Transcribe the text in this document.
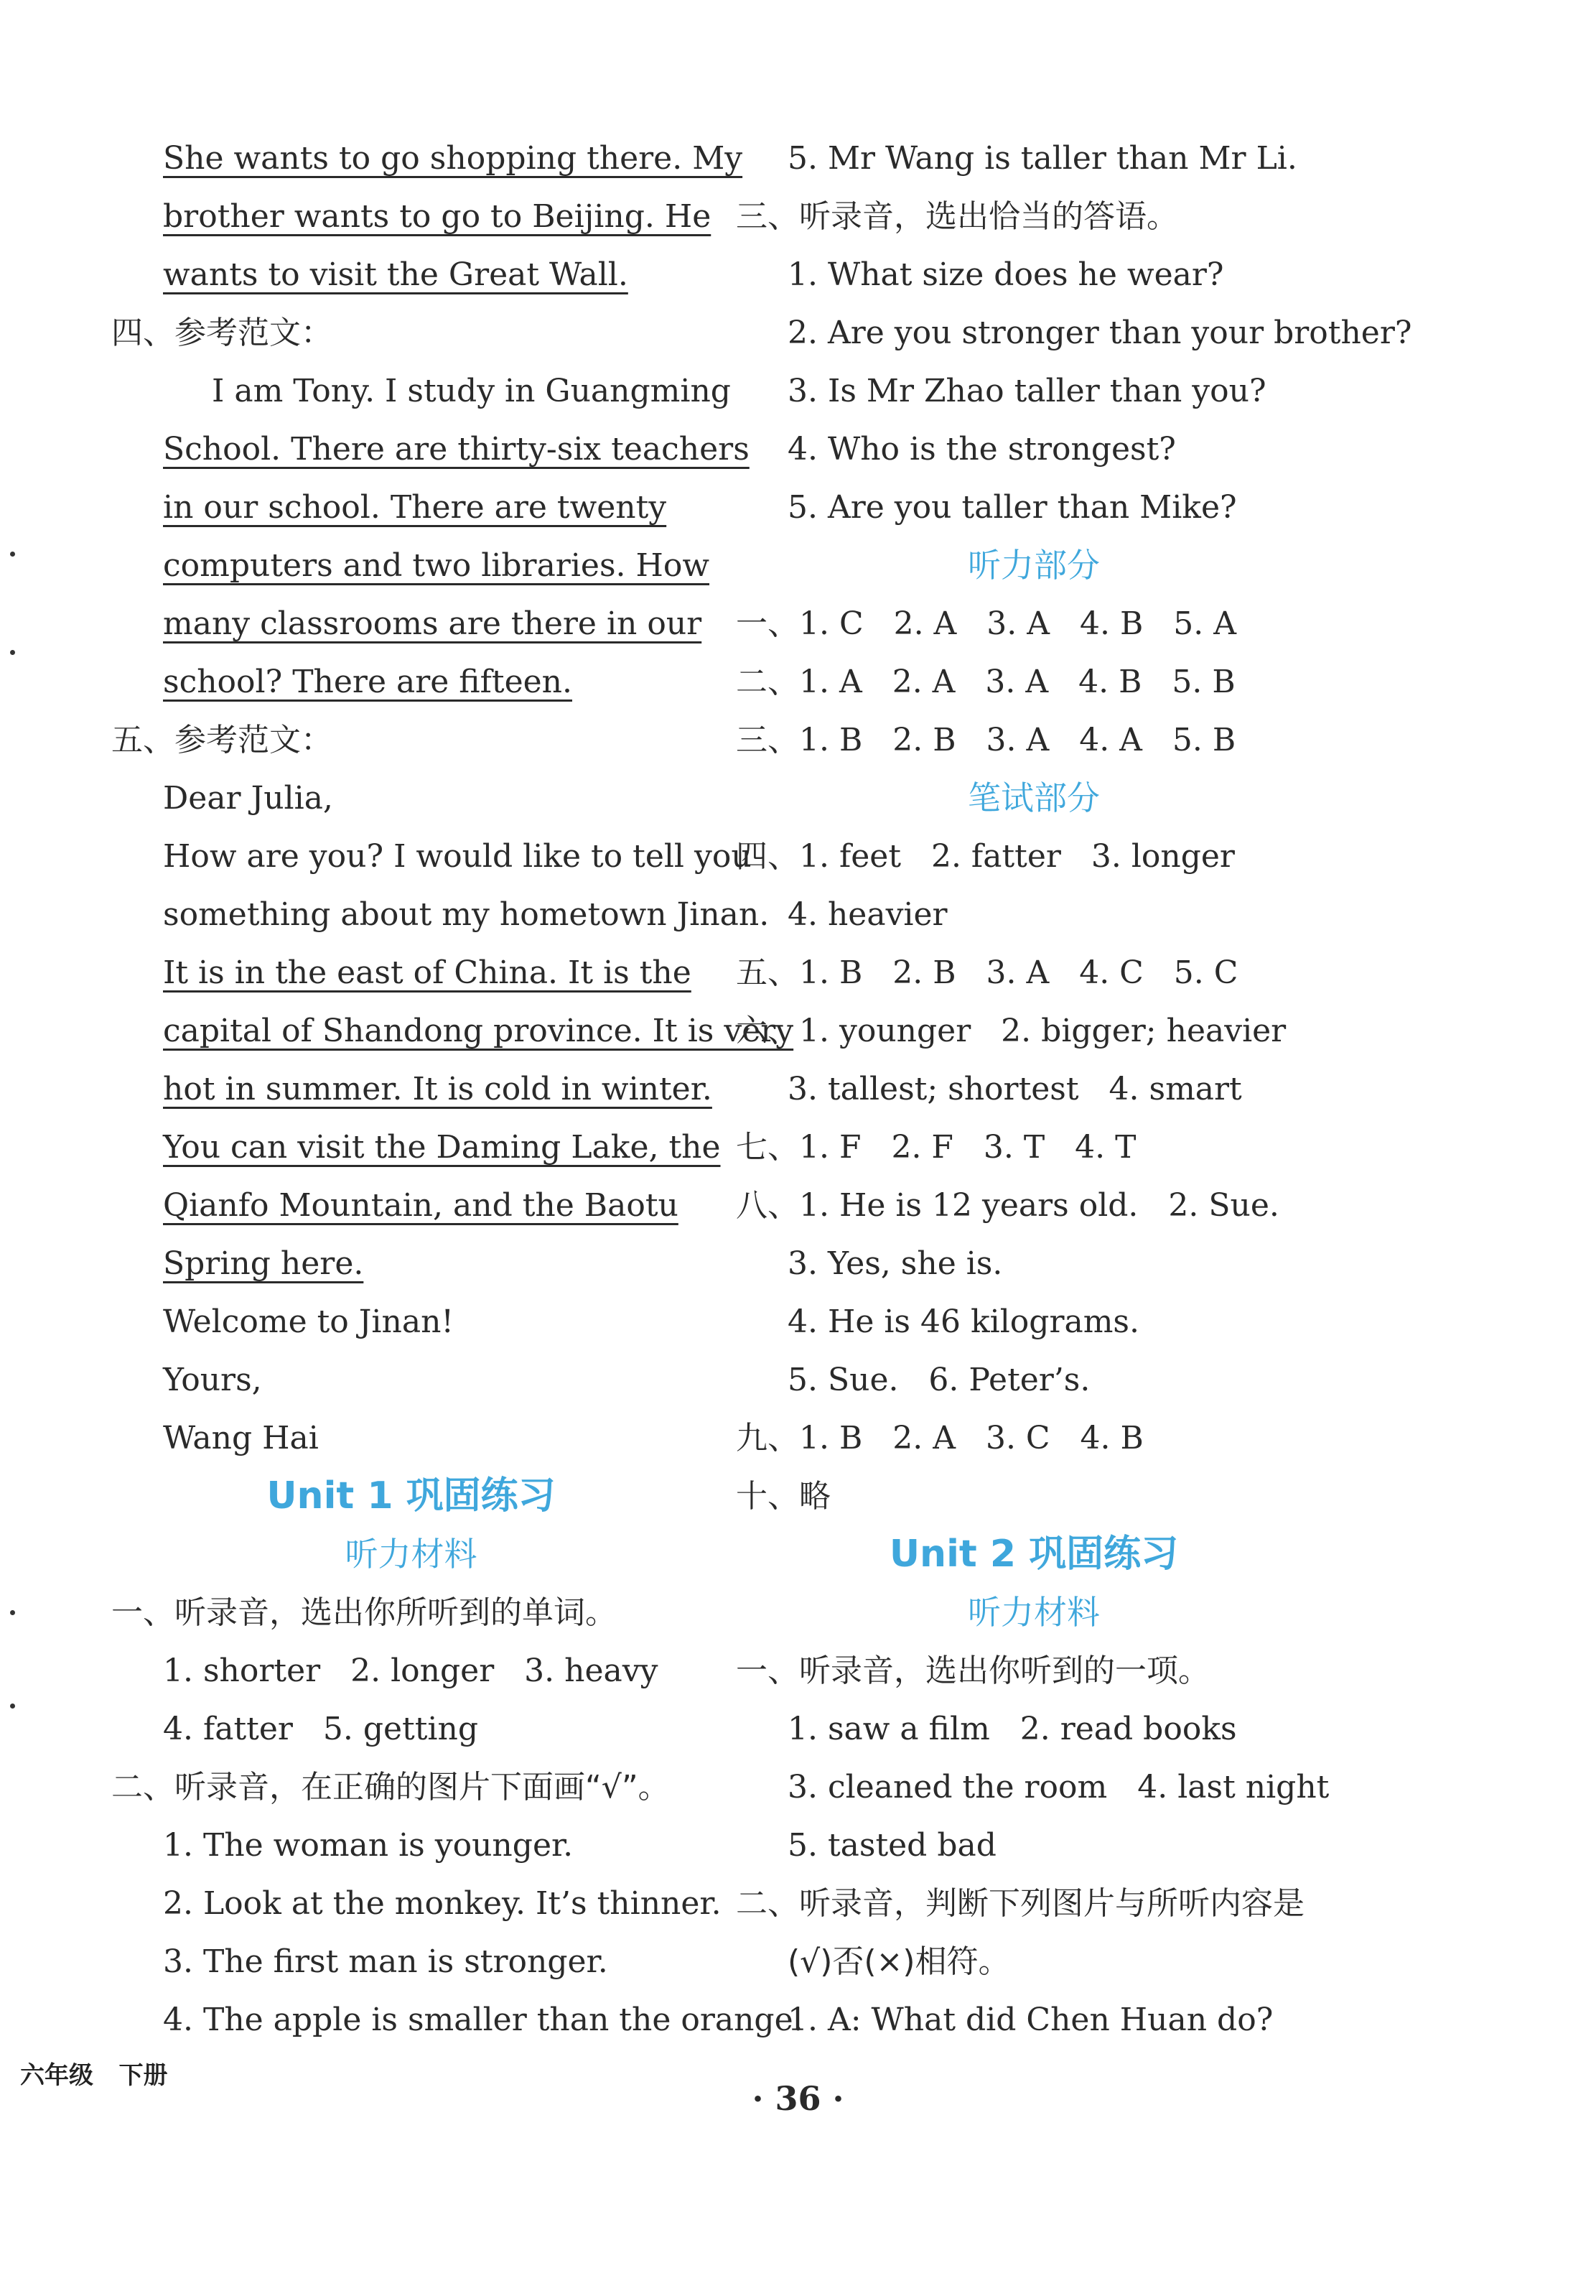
She wants to go shopping there. My
brother wants to go to Beijing. He
wants to visit the Great Wall.
四、参考范文：
I am Tony. I study in Guangming
School. There are thirty-six teachers
in our school. There are twenty
computers and two libraries. How
many classrooms are there in our
school? There are fifteen.
五、参考范文：
Dear Julia,
How are you? I would like to tell you
something about my hometown Jinan.
It is in the east of China. It is the
capital of Shandong province. It is very
hot in summer. It is cold in winter.
You can visit the Daming Lake, the
Qianfo Mountain, and the Baotu
Spring here.
Welcome to Jinan!
Yours,
Wang Hai
Unit 1 巩固练习
听力材料
一、听录音，选出你所听到的单词。
1. shorter   2. longer   3. heavy
4. fatter   5. getting
二、听录音，在正确的图片下面画“√”。
1. The woman is younger.
2. Look at the monkey. It’s thinner.
3. The first man is stronger.
4. The apple is smaller than the orange.
5. Mr Wang is taller than Mr Li.
三、听录音，选出恰当的答语。
1. What size does he wear?
2. Are you stronger than your brother?
3. Is Mr Zhao taller than you?
4. Who is the strongest?
5. Are you taller than Mike?
听力部分
一、1. C   2. A   3. A   4. B   5. A
二、1. A   2. A   3. A   4. B   5. B
三、1. B   2. B   3. A   4. A   5. B
笔试部分
四、1. feet   2. fatter   3. longer
4. heavier
五、1. B   2. B   3. A   4. C   5. C
六、1. younger   2. bigger; heavier
3. tallest; shortest   4. smart
七、1. F   2. F   3. T   4. T
八、1. He is 12 years old.   2. Sue.
3. Yes, she is.
4. He is 46 kilograms.
5. Sue.   6. Peter’s.
九、1. B   2. A   3. C   4. B
十、略
Unit 2 巩固练习
听力材料
一、听录音，选出你听到的一项。
1. saw a film   2. read books
3. cleaned the room   4. last night
5. tasted bad
二、听录音，判断下列图片与所听内容是
(√)否(×)相符。
1. A: What did Chen Huan do?
六年级   下册
· 36 ·
